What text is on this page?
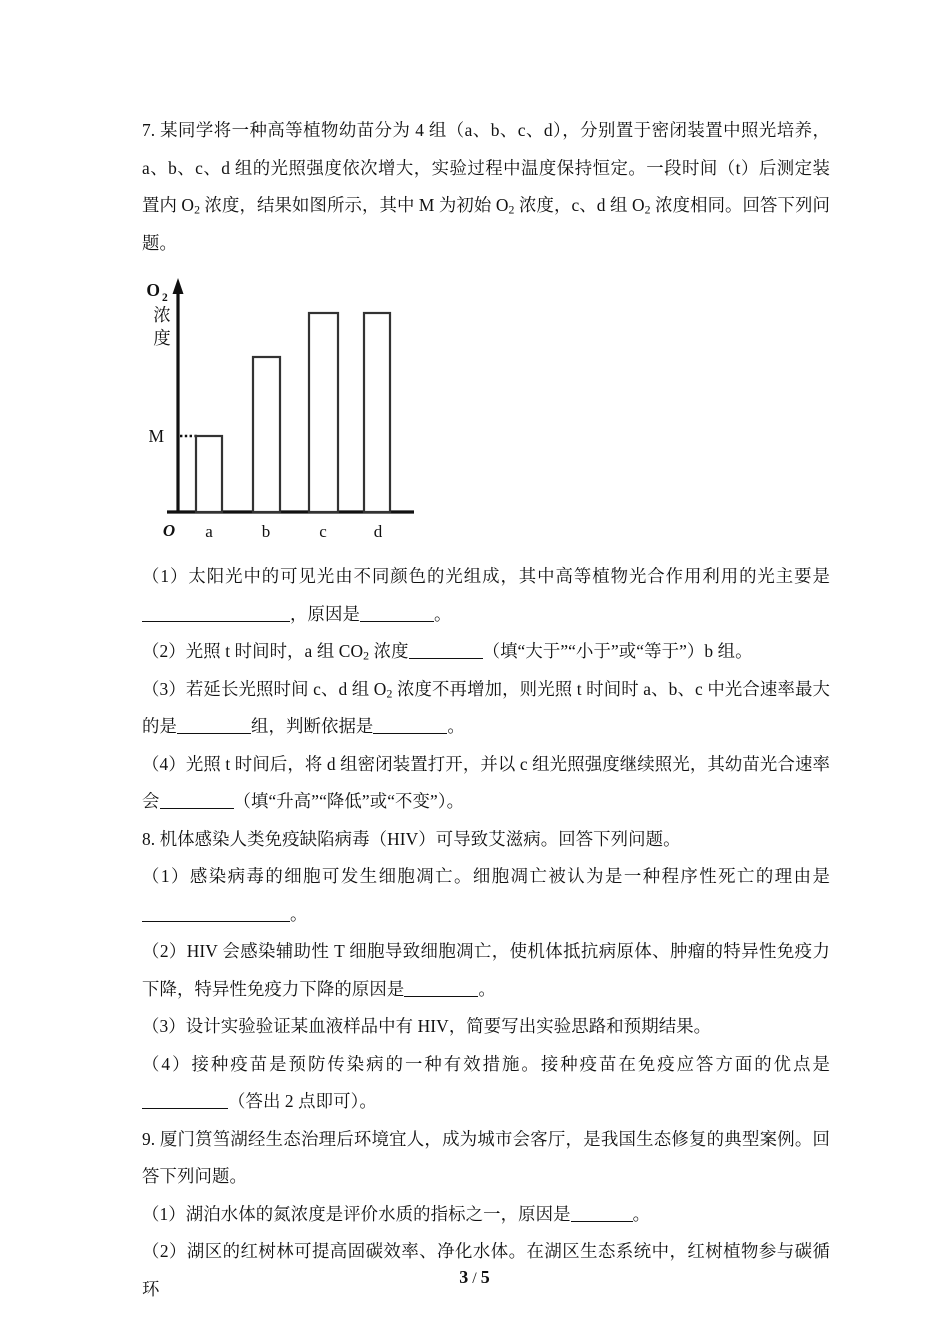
7. 某同学将一种高等植物幼苗分为 4 组（a、b、c、d），分别置于密闭装置中照光培养，a、b、c、d 组的光照强度依次增大，实验过程中温度保持恒定。一段时间（t）后测定装置内 $O_2$ 浓度，结果如图所示，其中 M 为初始 $O_2$ 浓度，c、d 组 $O_2$ 浓度相同。回答下列问题。

O 2
浓
度
M
O a	b	c	d

（1）太阳光中的可见光由不同颜色的光组成，其中高等植物光合作用利用的光主要是，原因是	。

（2）光照 t 时间时，a 组 $CO_2$ 浓度	（填“大于”“小于”或“等于”）b 组。

（3）若延长光照时间 c、d 组 $O_2$ 浓度不再增加，则光照 t 时间时 a、b、c 中光合速率最大的是	组，判断依据是	。

（4）光照 t 时间后，将 d 组密闭装置打开，并以 c 组光照强度继续照光，其幼苗光合速率会	（填“升高”“降低”或“不变”）。

8. 机体感染人类免疫缺陷病毒（HIV）可导致艾滋病。回答下列问题。

（1）感染病毒的细胞可发生细胞凋亡。细胞凋亡被认为是一种程序性死亡的理由是。

（2）HIV 会感染辅助性 T 细胞导致细胞凋亡，使机体抵抗病原体、肿瘤的特异性免疫力下降，特异性免疫力下降的原因是	。

（3）设计实验验证某血液样品中有 HIV，简要写出实验思路和预期结果。

（4）接种疫苗是预防传染病的一种有效措施。接种疫苗在免疫应答方面的优点是（答出 2 点即可）。

9. 厦门筼筜湖经生态治理后环境宜人，成为城市会客厅，是我国生态修复的典型案例。回答下列问题。

（1）湖泊水体的氮浓度是评价水质的指标之一，原因是	。

（2）湖区的红树林可提高固碳效率、净化水体。在湖区生态系统中，红树植物参与碳循环

3 / 5
